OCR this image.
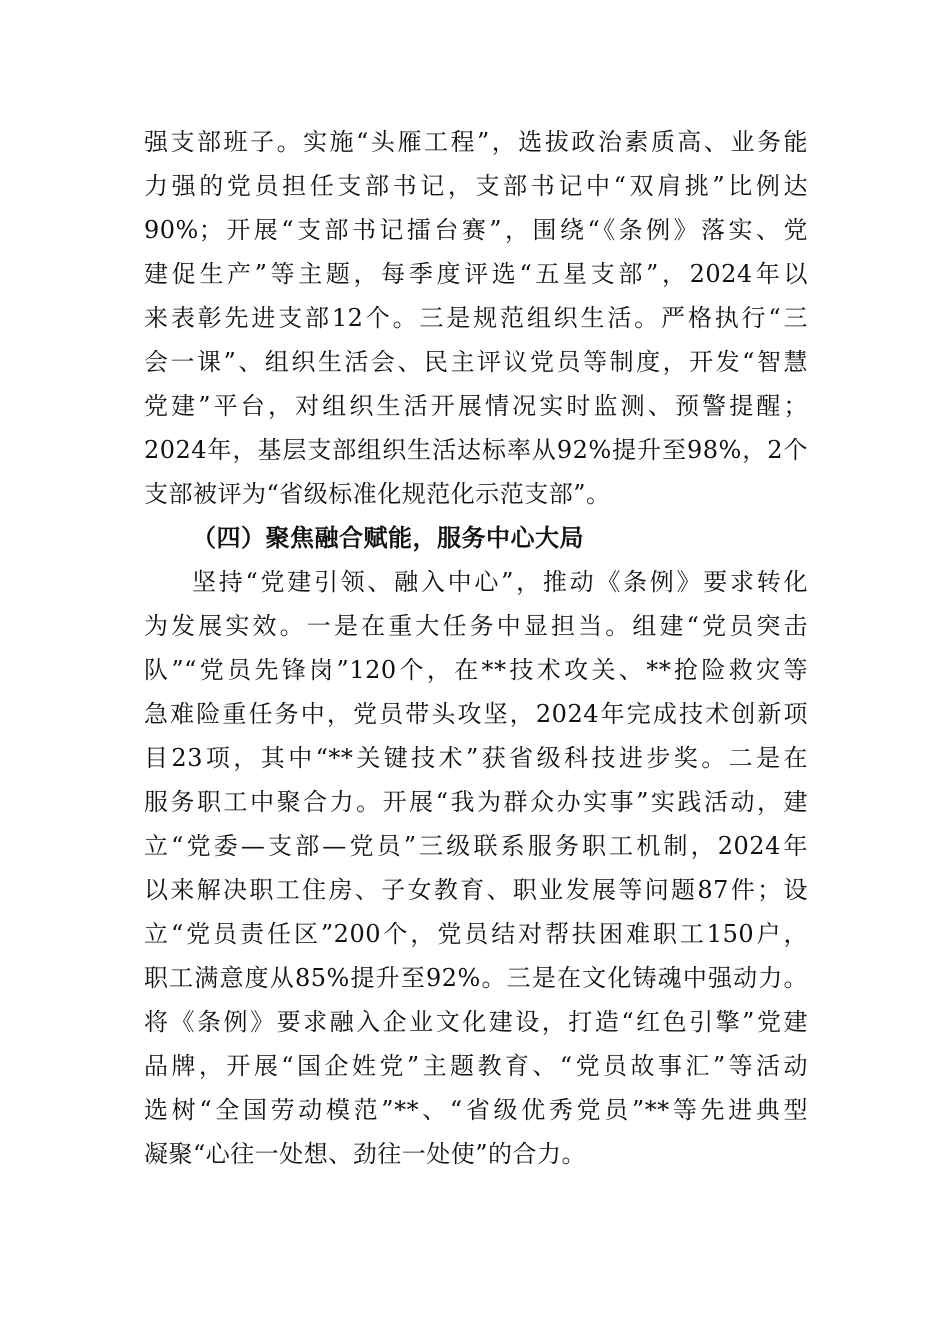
强支部班子。实施“头雁工程”，选拔政治素质高、业务能
力强的党员担任支部书记，支部书记中“双肩挑”比例达
90%；开展“支部书记擂台赛”，围绕“《条例》落实、党
建促生产”等主题，每季度评选“五星支部”，2024年以
来表彰先进支部12个。三是规范组织生活。严格执行“三
会一课”、组织生活会、民主评议党员等制度，开发“智慧
党建”平台，对组织生活开展情况实时监测、预警提醒；
2024年，基层支部组织生活达标率从92%提升至98%，2个
支部被评为“省级标准化规范化示范支部”。
（四）聚焦融合赋能，服务中心大局
坚持“党建引领、融入中心”，推动《条例》要求转化
为发展实效。一是在重大任务中显担当。组建“党员突击
队”“党员先锋岗”120个，在**技术攻关、**抢险救灾等
急难险重任务中，党员带头攻坚，2024年完成技术创新项
目23项，其中“**关键技术”获省级科技进步奖。二是在
服务职工中聚合力。开展“我为群众办实事”实践活动，建
立“党委—支部—党员”三级联系服务职工机制，2024年
以来解决职工住房、子女教育、职业发展等问题87件；设
立“党员责任区”200个，党员结对帮扶困难职工150户，
职工满意度从85%提升至92%。三是在文化铸魂中强动力。
将《条例》要求融入企业文化建设，打造“红色引擎”党建
品牌，开展“国企姓党”主题教育、“党员故事汇”等活动
选树“全国劳动模范”**、“省级优秀党员”**等先进典型
凝聚“心往一处想、劲往一处使”的合力。
